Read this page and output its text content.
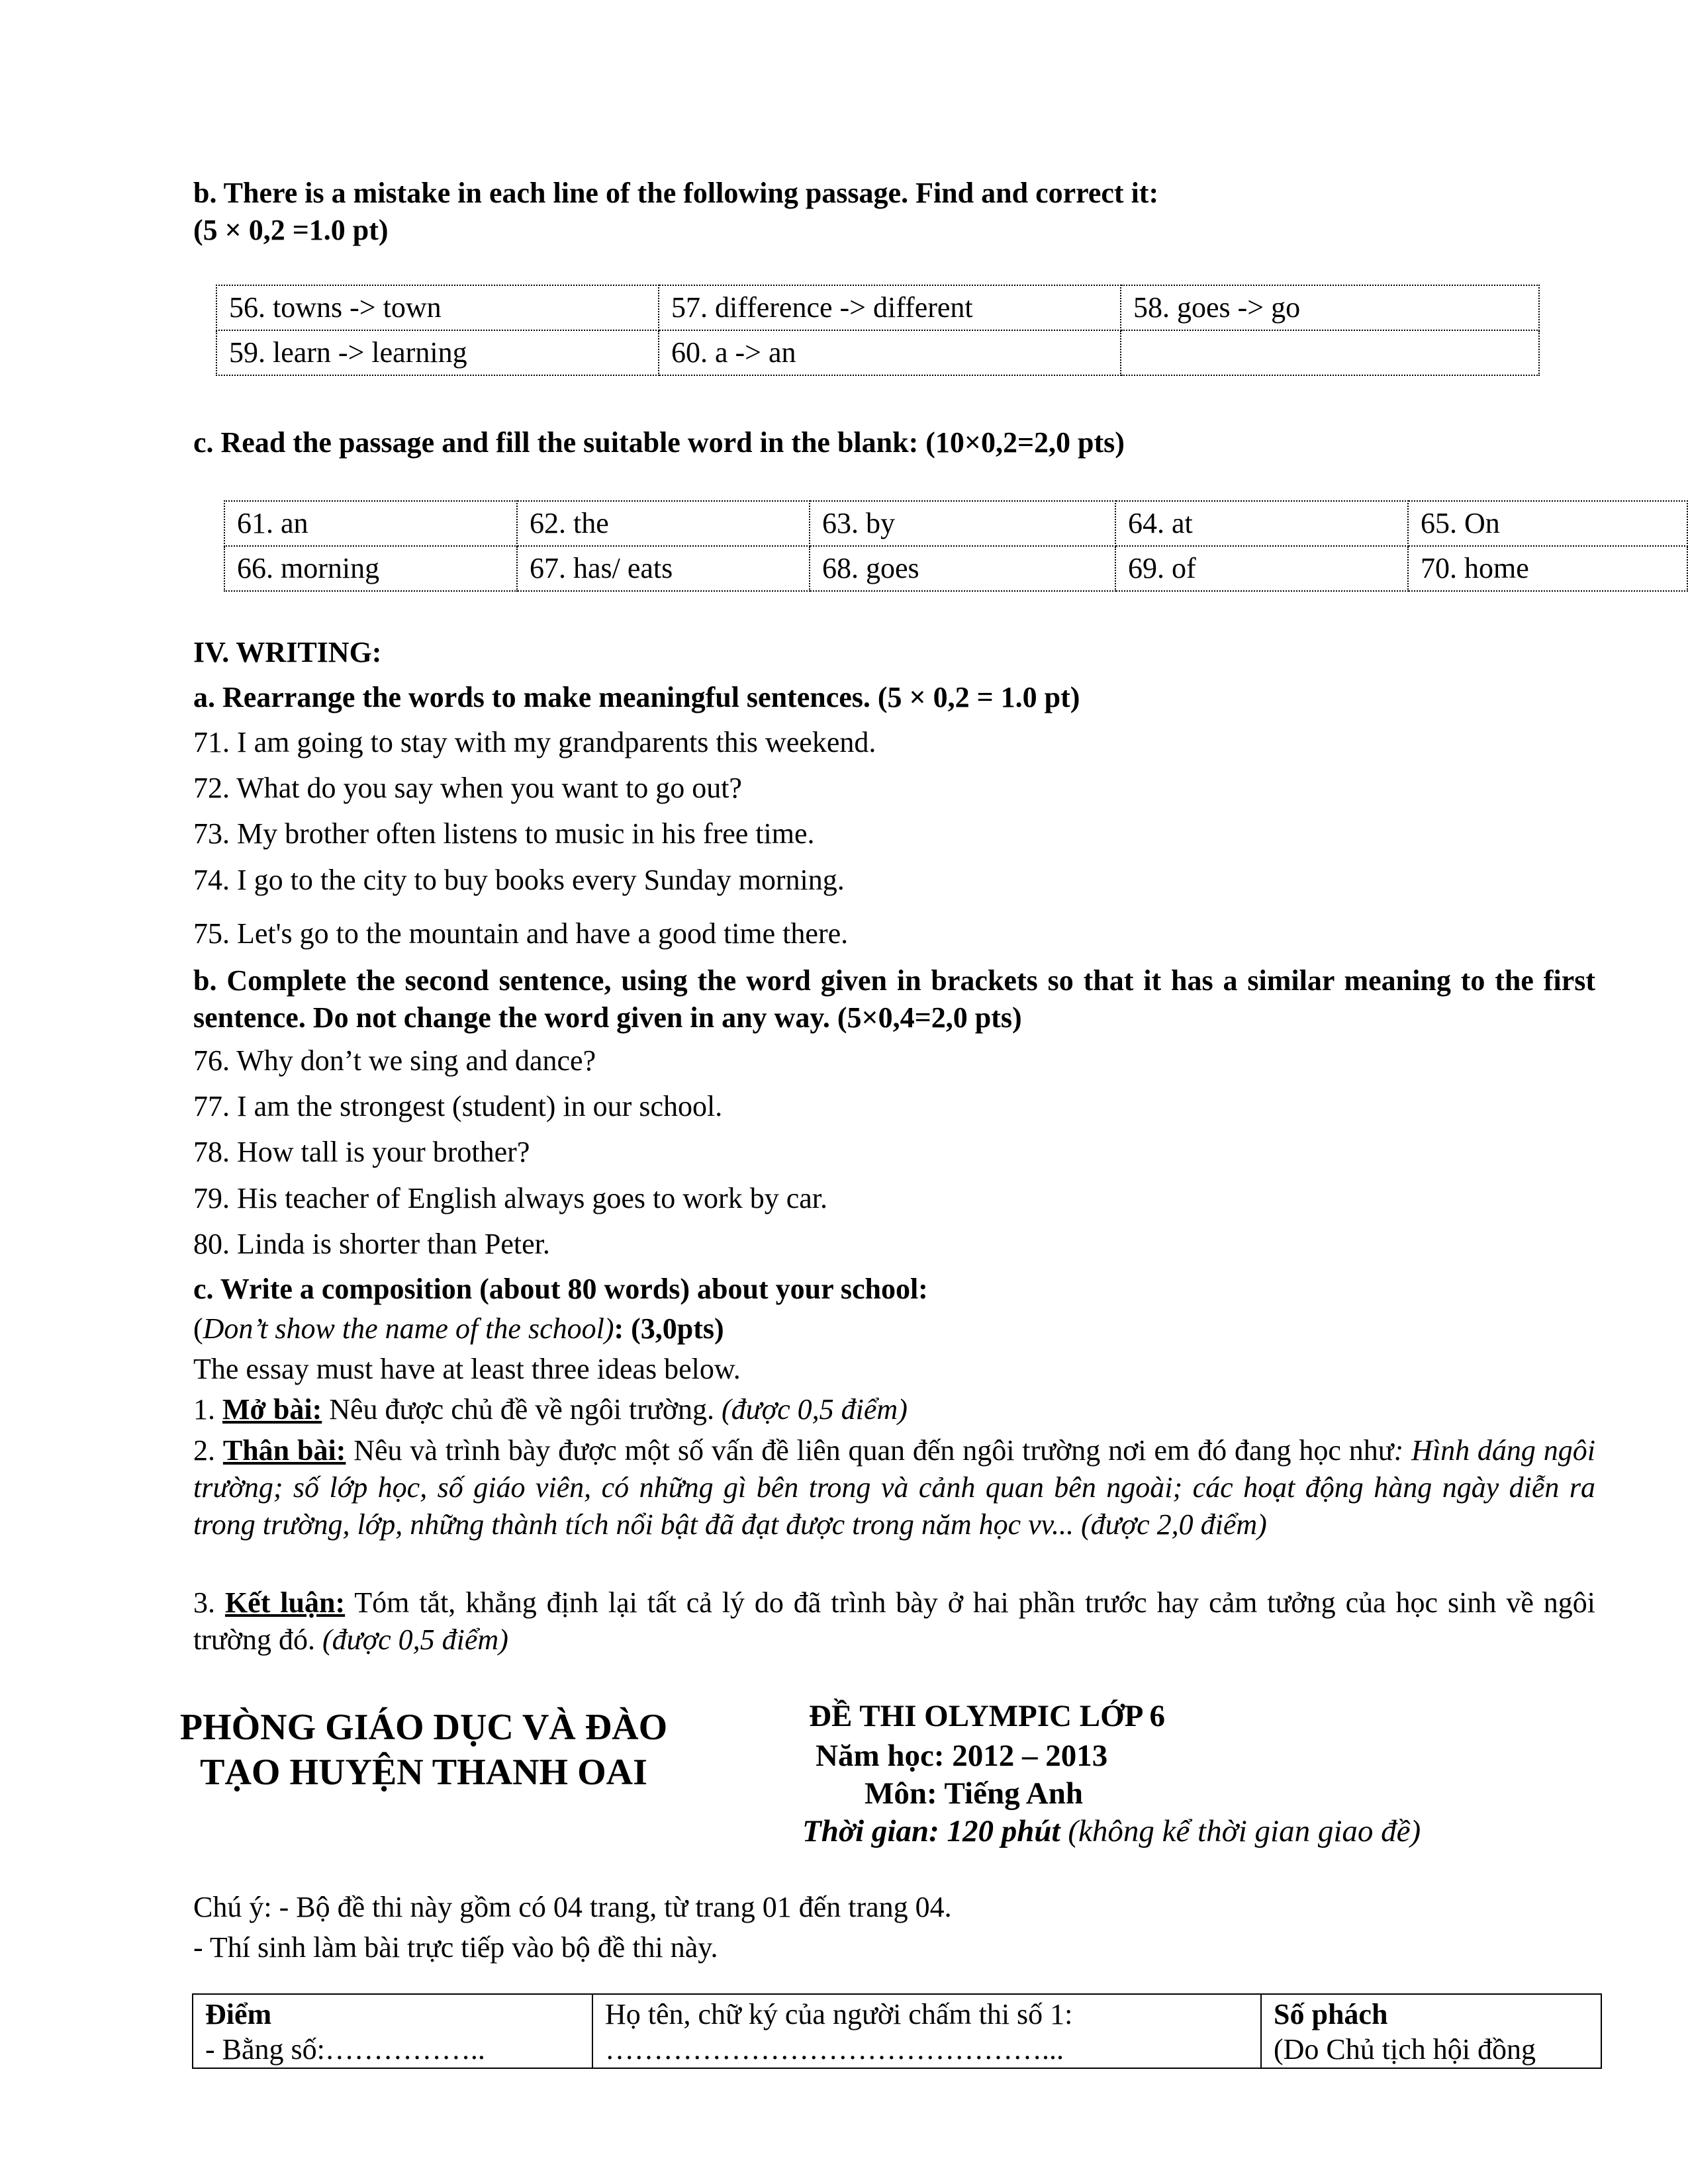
b. There is a mistake in each line of the following passage. Find and correct it:
(5 × 0,2 =1.0 pt)
56. towns -> town	57. difference -> different	58. goes -> go
59. learn -> learning	60. a -> an	
c. Read the passage and fill the suitable word in the blank: (10×0,2=2,0 pts)
61. an	62. the	63. by	64. at	65. On
66. morning	67. has/ eats	68. goes	69. of	70. home
IV. WRITING:
a. Rearrange the words to make meaningful sentences. (5 × 0,2 = 1.0 pt)
71. I am going to stay with my grandparents this weekend.
72. What do you say when you want to go out?
73. My brother often listens to music in his free time.
74. I go to the city to buy books every Sunday morning.
75. Let's go to the mountain and have a good time there.
b. Complete the second sentence, using the word given in brackets so that it has a similar meaning to the first sentence. Do not change the word given in any way. (5×0,4=2,0 pts)
76. Why don’t we sing and dance?
77. I am the strongest (student) in our school.
78. How tall is your brother?
79. His teacher of English always goes to work by car.
80. Linda is shorter than Peter.
c. Write a composition (about 80 words) about your school:
(Don’t show the name of the school): (3,0pts)
The essay must have at least three ideas below.
1. Mở bài: Nêu được chủ đề về ngôi trường. (được 0,5 điểm)
2. Thân bài: Nêu và trình bày được một số vấn đề liên quan đến ngôi trường nơi em đó đang học như: Hình dáng ngôi trường; số lớp học, số giáo viên, có những gì bên trong và cảnh quan bên ngoài; các hoạt động hàng ngày diễn ra trong trường, lớp, những thành tích nổi bật đã đạt được trong năm học vv... (được 2,0 điểm)
3. Kết luận: Tóm tắt, khẳng định lại tất cả lý do đã trình bày ở hai phần trước hay cảm tưởng của học sinh về ngôi trường đó. (được 0,5 điểm)
PHÒNG GIÁO DỤC VÀ ĐÀO
TẠO HUYỆN THANH OAI
ĐỀ THI OLYMPIC LỚP 6
Năm học: 2012 – 2013
Môn: Tiếng Anh
Thời gian: 120 phút (không kể thời gian giao đề)
Chú ý: - Bộ đề thi này gồm có 04 trang, từ trang 01 đến trang 04.
- Thí sinh làm bài trực tiếp vào bộ đề thi này.
Điểm
- Bằng số:……………..

Họ tên, chữ ký của người chấm thi số 1:
………………………………………...

Số phách
(Do Chủ tịch hội đồng
